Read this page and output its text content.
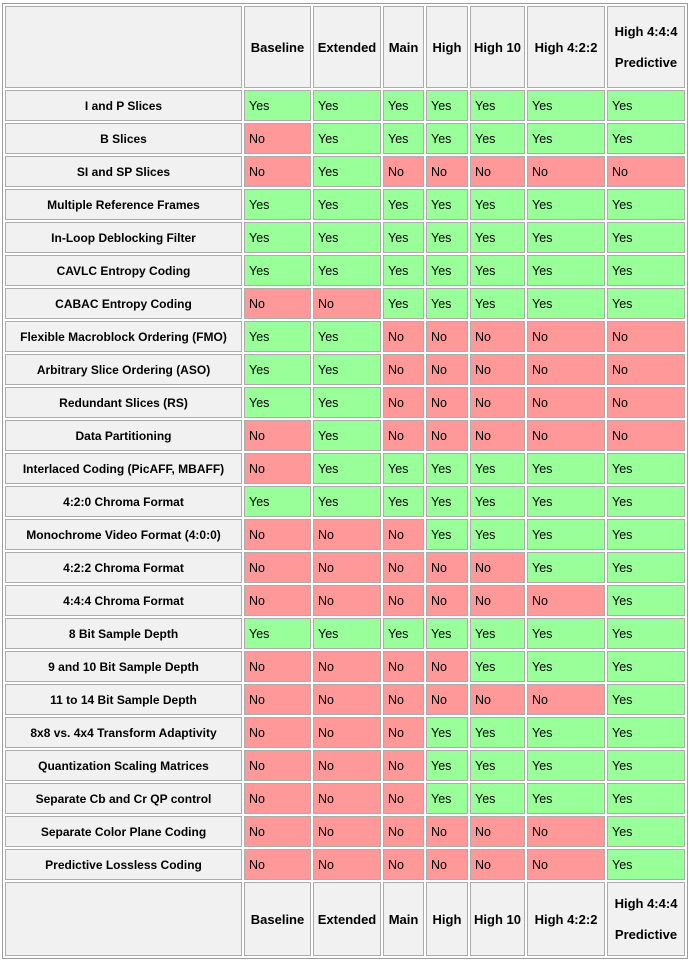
	Baseline	Extended	Main	High	High 10	High 4:2:2	High 4:4:4
Predictive

I and P Slices	Yes	Yes	Yes	Yes	Yes	Yes	Yes
B Slices	No	Yes	Yes	Yes	Yes	Yes	Yes
SI and SP Slices	No	Yes	No	No	No	No	No
Multiple Reference Frames	Yes	Yes	Yes	Yes	Yes	Yes	Yes
In-Loop Deblocking Filter	Yes	Yes	Yes	Yes	Yes	Yes	Yes
CAVLC Entropy Coding	Yes	Yes	Yes	Yes	Yes	Yes	Yes
CABAC Entropy Coding	No	No	Yes	Yes	Yes	Yes	Yes
Flexible Macroblock Ordering (FMO)	Yes	Yes	No	No	No	No	No
Arbitrary Slice Ordering (ASO)	Yes	Yes	No	No	No	No	No
Redundant Slices (RS)	Yes	Yes	No	No	No	No	No
Data Partitioning	No	Yes	No	No	No	No	No
Interlaced Coding (PicAFF, MBAFF)	No	Yes	Yes	Yes	Yes	Yes	Yes
4:2:0 Chroma Format	Yes	Yes	Yes	Yes	Yes	Yes	Yes
Monochrome Video Format (4:0:0)	No	No	No	Yes	Yes	Yes	Yes
4:2:2 Chroma Format	No	No	No	No	No	Yes	Yes
4:4:4 Chroma Format	No	No	No	No	No	No	Yes
8 Bit Sample Depth	Yes	Yes	Yes	Yes	Yes	Yes	Yes
9 and 10 Bit Sample Depth	No	No	No	No	Yes	Yes	Yes
11 to 14 Bit Sample Depth	No	No	No	No	No	No	Yes
8x8 vs. 4x4 Transform Adaptivity	No	No	No	Yes	Yes	Yes	Yes
Quantization Scaling Matrices	No	No	No	Yes	Yes	Yes	Yes
Separate Cb and Cr QP control	No	No	No	Yes	Yes	Yes	Yes
Separate Color Plane Coding	No	No	No	No	No	No	Yes
Predictive Lossless Coding	No	No	No	No	No	No	Yes

	Baseline	Extended	Main	High	High 10	High 4:2:2	High 4:4:4
Predictive
